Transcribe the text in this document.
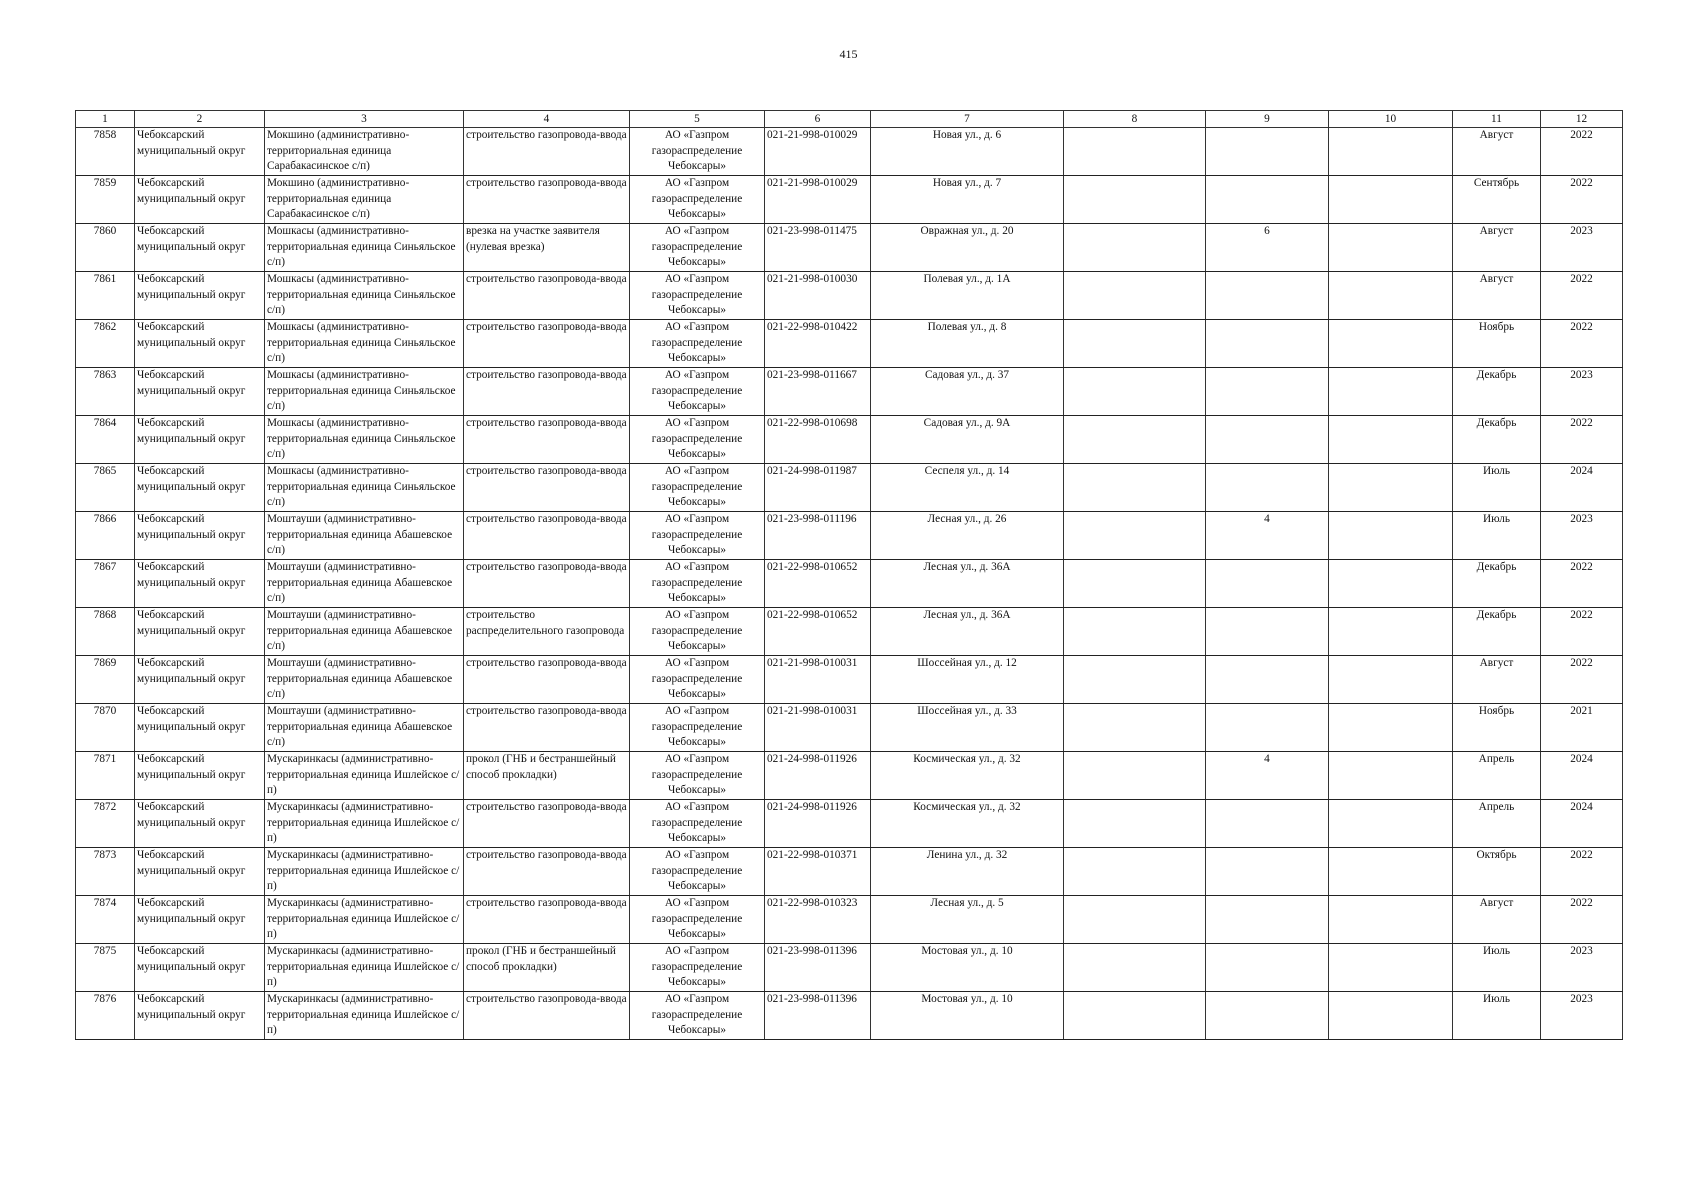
415
1	2	3	4	5	6	7	8	9	10	11	12
7858	Чебоксарский муниципальный округ	Мокшино (административно-территориальная единица Сарабакасинское с/п)	строительство газопровода-ввода	АО «Газпром газораспределение Чебоксары»	021-21-998-010029	Новая ул., д. 6				Август	2022
7859	Чебоксарский муниципальный округ	Мокшино (административно-территориальная единица Сарабакасинское с/п)	строительство газопровода-ввода	АО «Газпром газораспределение Чебоксары»	021-21-998-010029	Новая ул., д. 7				Сентябрь	2022
7860	Чебоксарский муниципальный округ	Мошкасы (административно-территориальная единица Синьяльское с/п)	врезка на участке заявителя (нулевая врезка)	АО «Газпром газораспределение Чебоксары»	021-23-998-011475	Овражная ул., д. 20		6		Август	2023
7861	Чебоксарский муниципальный округ	Мошкасы (административно-территориальная единица Синьяльское с/п)	строительство газопровода-ввода	АО «Газпром газораспределение Чебоксары»	021-21-998-010030	Полевая ул., д. 1А				Август	2022
7862	Чебоксарский муниципальный округ	Мошкасы (административно-территориальная единица Синьяльское с/п)	строительство газопровода-ввода	АО «Газпром газораспределение Чебоксары»	021-22-998-010422	Полевая ул., д. 8				Ноябрь	2022
7863	Чебоксарский муниципальный округ	Мошкасы (административно-территориальная единица Синьяльское с/п)	строительство газопровода-ввода	АО «Газпром газораспределение Чебоксары»	021-23-998-011667	Садовая ул., д. 37				Декабрь	2023
7864	Чебоксарский муниципальный округ	Мошкасы (административно-территориальная единица Синьяльское с/п)	строительство газопровода-ввода	АО «Газпром газораспределение Чебоксары»	021-22-998-010698	Садовая ул., д. 9А				Декабрь	2022
7865	Чебоксарский муниципальный округ	Мошкасы (административно-территориальная единица Синьяльское с/п)	строительство газопровода-ввода	АО «Газпром газораспределение Чебоксары»	021-24-998-011987	Сеспеля ул., д. 14				Июль	2024
7866	Чебоксарский муниципальный округ	Моштауши (административно-территориальная единица Абашевское с/п)	строительство газопровода-ввода	АО «Газпром газораспределение Чебоксары»	021-23-998-011196	Лесная ул., д. 26		4		Июль	2023
7867	Чебоксарский муниципальный округ	Моштауши (административно-территориальная единица Абашевское с/п)	строительство газопровода-ввода	АО «Газпром газораспределение Чебоксары»	021-22-998-010652	Лесная ул., д. 36А				Декабрь	2022
7868	Чебоксарский муниципальный округ	Моштауши (административно-территориальная единица Абашевское с/п)	строительство распределительного газопровода	АО «Газпром газораспределение Чебоксары»	021-22-998-010652	Лесная ул., д. 36А				Декабрь	2022
7869	Чебоксарский муниципальный округ	Моштауши (административно-территориальная единица Абашевское с/п)	строительство газопровода-ввода	АО «Газпром газораспределение Чебоксары»	021-21-998-010031	Шоссейная ул., д. 12				Август	2022
7870	Чебоксарский муниципальный округ	Моштауши (административно-территориальная единица Абашевское с/п)	строительство газопровода-ввода	АО «Газпром газораспределение Чебоксары»	021-21-998-010031	Шоссейная ул., д. 33				Ноябрь	2021
7871	Чебоксарский муниципальный округ	Мускаринкасы (административно-территориальная единица Ишлейское с/п)	прокол (ГНБ и бестраншейный способ прокладки)	АО «Газпром газораспределение Чебоксары»	021-24-998-011926	Космическая ул., д. 32		4		Апрель	2024
7872	Чебоксарский муниципальный округ	Мускаринкасы (административно-территориальная единица Ишлейское с/п)	строительство газопровода-ввода	АО «Газпром газораспределение Чебоксары»	021-24-998-011926	Космическая ул., д. 32				Апрель	2024
7873	Чебоксарский муниципальный округ	Мускаринкасы (административно-территориальная единица Ишлейское с/п)	строительство газопровода-ввода	АО «Газпром газораспределение Чебоксары»	021-22-998-010371	Ленина ул., д. 32				Октябрь	2022
7874	Чебоксарский муниципальный округ	Мускаринкасы (административно-территориальная единица Ишлейское с/п)	строительство газопровода-ввода	АО «Газпром газораспределение Чебоксары»	021-22-998-010323	Лесная ул., д. 5				Август	2022
7875	Чебоксарский муниципальный округ	Мускаринкасы (административно-территориальная единица Ишлейское с/п)	прокол (ГНБ и бестраншейный способ прокладки)	АО «Газпром газораспределение Чебоксары»	021-23-998-011396	Мостовая ул., д. 10				Июль	2023
7876	Чебоксарский муниципальный округ	Мускаринкасы (административно-территориальная единица Ишлейское с/п)	строительство газопровода-ввода	АО «Газпром газораспределение Чебоксары»	021-23-998-011396	Мостовая ул., д. 10				Июль	2023
